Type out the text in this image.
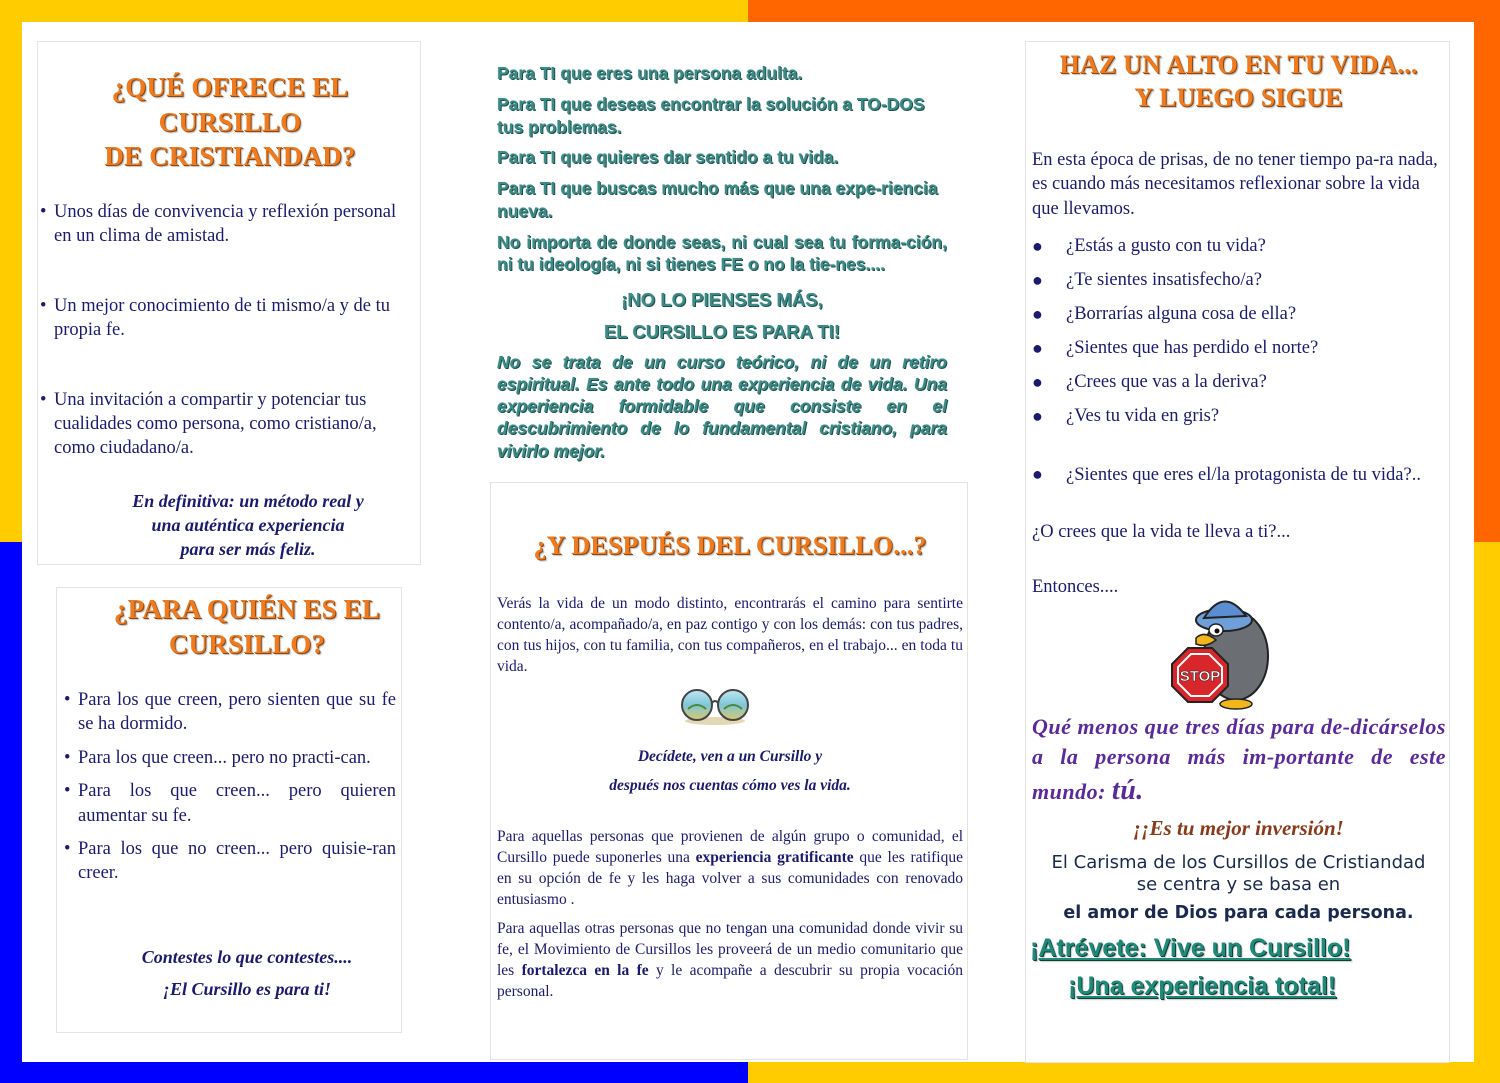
¿QUÉ OFRECE EL
CURSILLO
DE CRISTIANDAD?
• Unos días de convivencia y reflexión personal en un clima de amistad.
• Un mejor conocimiento de ti mismo/a y de tu propia fe.
• Una invitación a compartir y potenciar tus cualidades como persona, como cristiano/a, como ciudadano/a.
En definitiva: un método real y
una auténtica experiencia
para ser más feliz.
¿PARA QUIÉN ES EL
CURSILLO?
• Para los que creen, pero sienten que su fe se ha dormido.
• Para los que creen... pero no practi-can.
• Para los que creen... pero quieren aumentar su fe.
• Para los que no creen... pero quisie-ran creer.
Contestes lo que contestes....
¡El Cursillo es para ti!
Para TI que eres una persona adulta.
Para TI que deseas encontrar la solución a TO-DOS tus problemas.
Para TI que quieres dar sentido a tu vida.
Para TI que buscas mucho más que una expe-riencia nueva.
No importa de donde seas, ni cual sea tu forma-ción, ni tu ideología, ni si tienes FE o no la tie-nes....
¡NO LO PIENSES MÁS,
EL CURSILLO ES PARA TI!
No se trata de un curso teórico, ni de un retiro espiritual. Es ante todo una experiencia de vida. Una experiencia formidable que consiste en el descubrimiento de lo fundamental cristiano, para vivirlo mejor.
¿Y DESPUÉS DEL CURSILLO...?
Verás la vida de un modo distinto, encontrarás el camino para sentirte contento/a, acompañado/a, en paz contigo y con los demás: con tus padres, con tus hijos, con tu familia, con tus compañeros, en el trabajo... en toda tu vida.
Decídete, ven a un Cursillo y
después nos cuentas cómo ves la vida.
Para aquellas personas que provienen de algún grupo o comunidad, el Cursillo puede suponerles una experiencia gratificante que les ratifique en su opción de fe y les haga volver a sus comunidades con renovado entusiasmo .
Para aquellas otras personas que no tengan una comunidad donde vivir su fe, el Movimiento de Cursillos les proveerá de un medio comunitario que les fortalezca en la fe y le acompañe a descubrir su propia vocación personal.
HAZ UN ALTO EN TU VIDA...
Y LUEGO SIGUE
En esta época de prisas, de no tener tiempo pa-ra nada, es cuando más necesitamos reflexionar sobre la vida que llevamos.
●	¿Estás a gusto con tu vida?
●	¿Te sientes insatisfecho/a?
●	¿Borrarías alguna cosa de ella?
●	¿Sientes que has perdido el norte?
●	¿Crees que vas a la deriva?
●	¿Ves tu vida en gris?
● ¿Sientes que eres el/la protagonista de tu vida?..
¿O crees que la vida te lleva a ti?...
Entonces....
STOP
Qué menos que tres días para de-dicárselos a la persona más im-portante de este mundo: tú.
¡¡Es tu mejor inversión!
El Carisma de los Cursillos de Cristiandad
se centra y se basa en
el amor de Dios para cada persona.
¡Atrévete: Vive un Cursillo!
¡Una experiencia total!
